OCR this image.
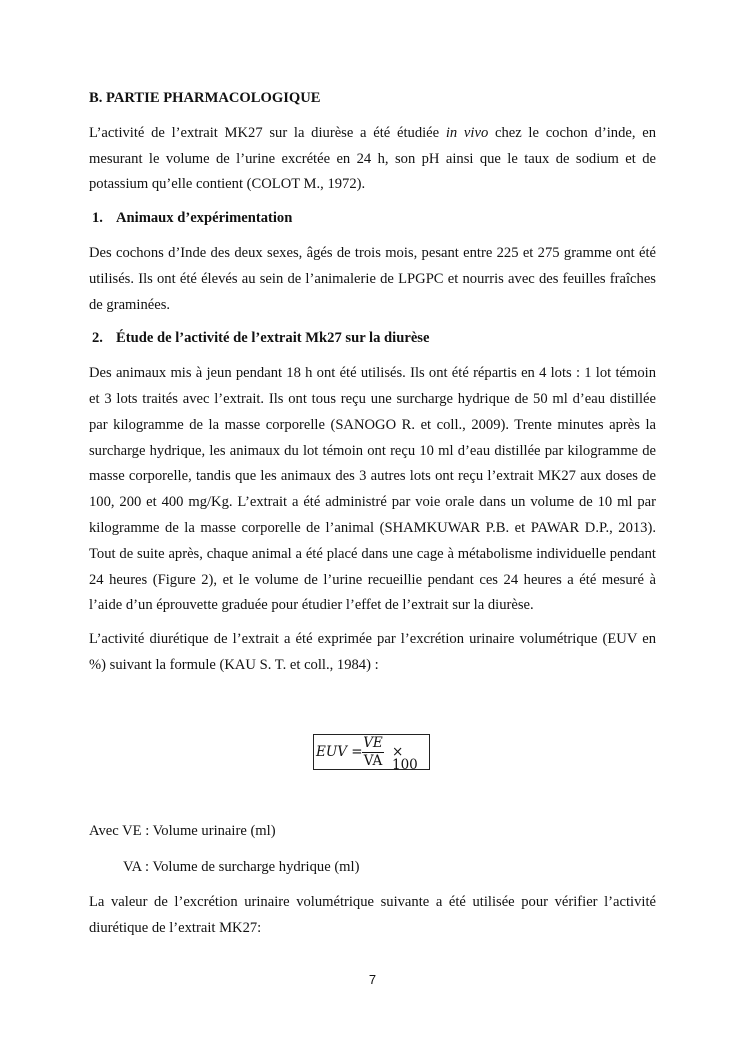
B. PARTIE PHARMACOLOGIQUE

L’activité de l’extrait MK27 sur la diurèse a été étudiée in vivo chez le cochon d’inde, en mesurant le volume de l’urine excrétée en 24 h, son pH ainsi que le taux de sodium et de potassium qu’elle contient (COLOT M., 1972).

1. Animaux d’expérimentation

Des cochons d’Inde des deux sexes, âgés de trois mois, pesant entre 225 et 275 gramme ont été utilisés. Ils ont été élevés au sein de l’animalerie de LPGPC et nourris avec des feuilles fraîches de graminées.

2. Étude de l’activité de l’extrait Mk27 sur la diurèse

Des animaux mis à jeun pendant 18 h ont été utilisés. Ils ont été répartis en 4 lots : 1 lot témoin et 3 lots traités avec l’extrait. Ils ont tous reçu une surcharge hydrique de 50 ml d’eau distillée par kilogramme de la masse corporelle (SANOGO R. et coll., 2009). Trente minutes après la surcharge hydrique, les animaux du lot témoin ont reçu 10 ml d’eau distillée par kilogramme de masse corporelle, tandis que les animaux des 3 autres lots ont reçu l’extrait MK27 aux doses de 100, 200 et 400 mg/Kg. L’extrait a été administré par voie orale dans un volume de 10 ml par kilogramme de la masse corporelle de l’animal (SHAMKUWAR P.B. et PAWAR D.P., 2013). Tout de suite après, chaque animal a été placé dans une cage à métabolisme individuelle pendant 24 heures (Figure 2), et le volume de l’urine recueillie pendant ces 24 heures a été mesuré à l’aide d’un éprouvette graduée pour étudier l’effet de l’extrait sur la diurèse.

L’activité diurétique de l’extrait a été exprimée par l’excrétion urinaire volumétrique (EUV en %) suivant la formule (KAU S. T. et coll., 1984) :

EUV = $\frac{VE}{VA} \times 100$

Avec VE : Volume urinaire (ml)

VA : Volume de surcharge hydrique (ml)

La valeur de l’excrétion urinaire volumétrique suivante a été utilisée pour vérifier l’activité diurétique de l’extrait MK27:

7
